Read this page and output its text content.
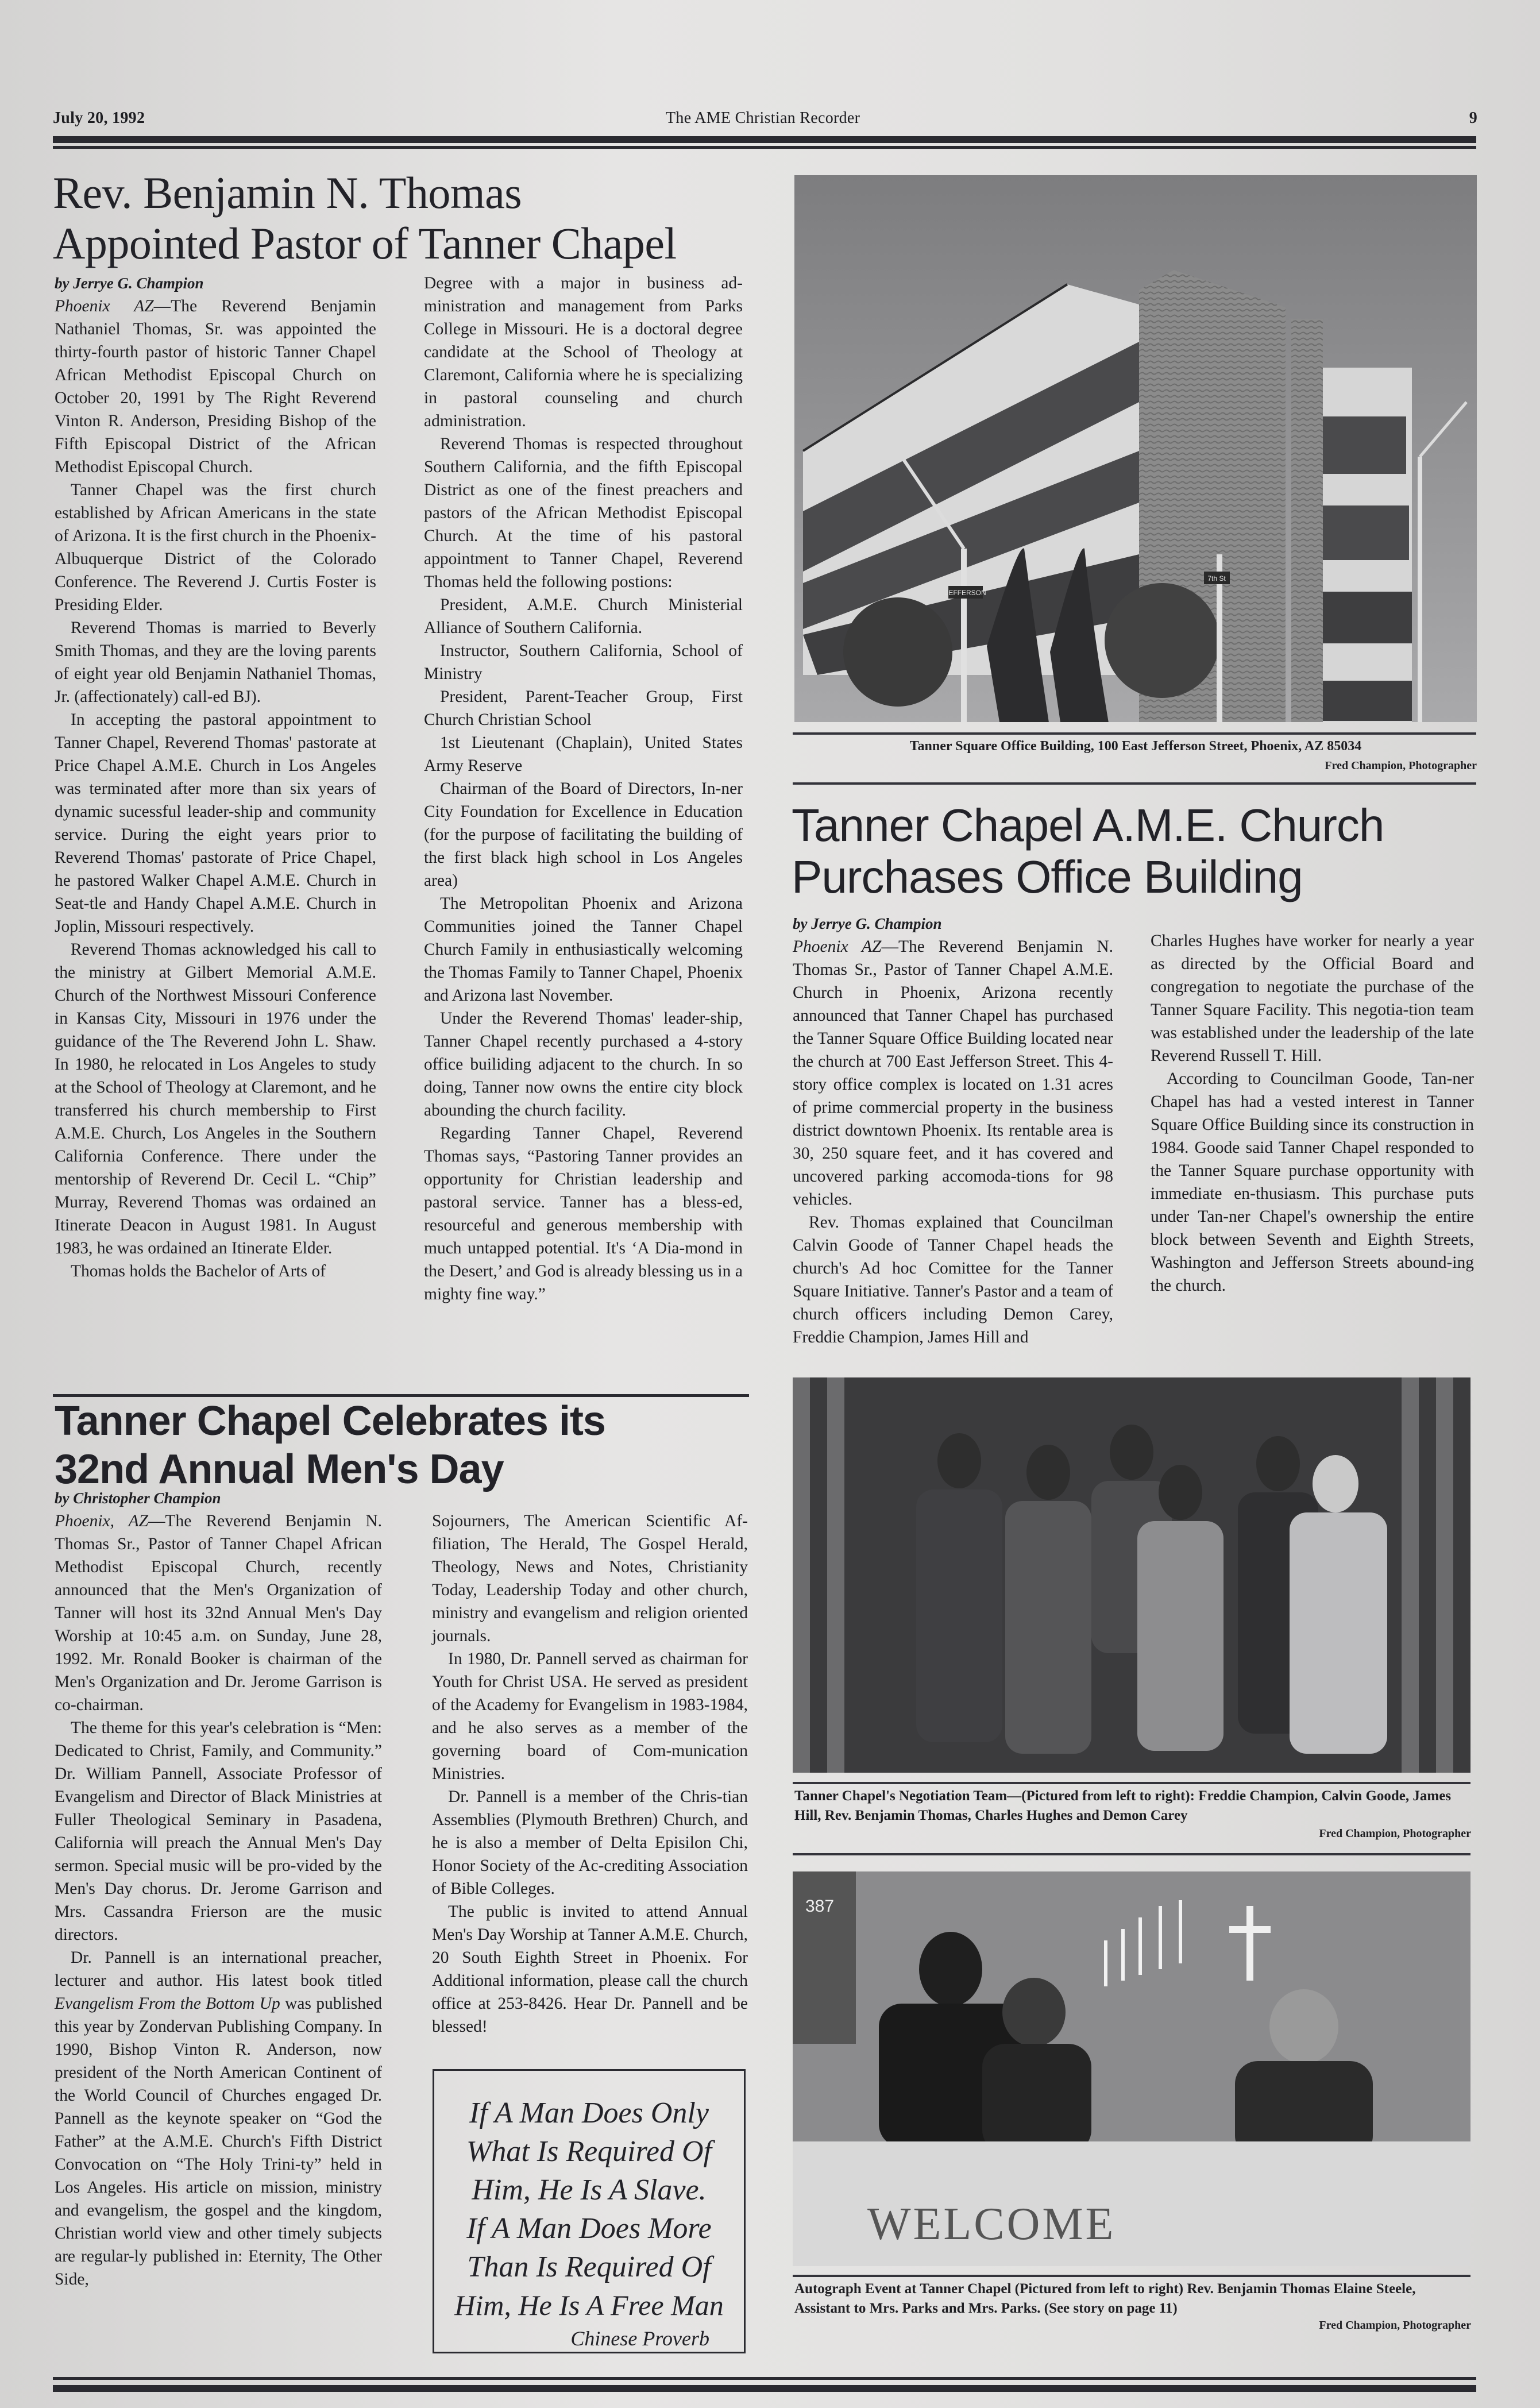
July 20, 1992	The AME Christian Recorder	9
Rev. Benjamin N. Thomas
Appointed Pastor of Tanner Chapel
by Jerrye G. Champion

Phoenix AZ—The Reverend Benjamin Nathaniel Thomas, Sr. was appointed the thirty-fourth pastor of historic Tanner Chapel African Methodist Episcopal Church on October 20, 1991 by The Right Reverend Vinton R. Anderson, Presiding Bishop of the Fifth Episcopal District of the African Methodist Episcopal Church.

Tanner Chapel was the first church established by African Americans in the state of Arizona. It is the first church in the Phoenix-Albuquerque District of the Colorado Conference. The Reverend J. Curtis Foster is Presiding Elder.

Reverend Thomas is married to Beverly Smith Thomas, and they are the loving parents of eight year old Benjamin Nathaniel Thomas, Jr. (affectionately) call-ed BJ).

In accepting the pastoral appointment to Tanner Chapel, Reverend Thomas' pastorate at Price Chapel A.M.E. Church in Los Angeles was terminated after more than six years of dynamic sucessful leader-ship and community service. During the eight years prior to Reverend Thomas' pastorate of Price Chapel, he pastored Walker Chapel A.M.E. Church in Seat-tle and Handy Chapel A.M.E. Church in Joplin, Missouri respectively.

Reverend Thomas acknowledged his call to the ministry at Gilbert Memorial A.M.E. Church of the Northwest Missouri Conference in Kansas City, Missouri in 1976 under the guidance of the The Reverend John L. Shaw. In 1980, he relocated in Los Angeles to study at the School of Theology at Claremont, and he transferred his church membership to First A.M.E. Church, Los Angeles in the Southern California Conference. There under the mentorship of Reverend Dr. Cecil L. “Chip” Murray, Reverend Thomas was ordained an Itinerate Deacon in August 1981. In August 1983, he was ordained an Itinerate Elder.

Thomas holds the Bachelor of Arts of

Degree with a major in business ad-ministration and management from Parks College in Missouri. He is a doctoral degree candidate at the School of Theology at Claremont, California where he is specializing in pastoral counseling and church administration.

Reverend Thomas is respected throughout Southern California, and the fifth Episcopal District as one of the finest preachers and pastors of the African Methodist Episcopal Church. At the time of his pastoral appointment to Tanner Chapel, Reverend Thomas held the following postions:

President, A.M.E. Church Ministerial Alliance of Southern California.

Instructor, Southern California, School of Ministry

President, Parent-Teacher Group, First Church Christian School

1st Lieutenant (Chaplain), United States Army Reserve

Chairman of the Board of Directors, In-ner City Foundation for Excellence in Education (for the purpose of facilitating the building of the first black high school in Los Angeles area)

The Metropolitan Phoenix and Arizona Communities joined the Tanner Chapel Church Family in enthusiastically welcoming the Thomas Family to Tanner Chapel, Phoenix and Arizona last November.

Under the Reverend Thomas' leader-ship, Tanner Chapel recently purchased a 4-story office builiding adjacent to the church. In so doing, Tanner now owns the entire city block abounding the church facility.

Regarding Tanner Chapel, Reverend Thomas says, “Pastoring Tanner provides an opportunity for Christian leadership and pastoral service. Tanner has a bless-ed, resourceful and generous membership with much untapped potential. It's ‘A Dia-mond in the Desert,’ and God is already blessing us in a mighty fine way.”

JEFFERSON
7th St
Tanner Square Office Building, 100 East Jefferson Street, Phoenix, AZ 85034
Fred Champion, Photographer
Tanner Chapel A.M.E. Church
Purchases Office Building
by Jerrye G. Champion

Phoenix AZ—The Reverend Benjamin N. Thomas Sr., Pastor of Tanner Chapel A.M.E. Church in Phoenix, Arizona recently announced that Tanner Chapel has purchased the Tanner Square Office Building located near the church at 700 East Jefferson Street. This 4-story office complex is located on 1.31 acres of prime commercial property in the business district downtown Phoenix. Its rentable area is 30, 250 square feet, and it has covered and uncovered parking accomoda-tions for 98 vehicles.

Rev. Thomas explained that Councilman Calvin Goode of Tanner Chapel heads the church's Ad hoc Comittee for the Tanner Square Initiative. Tanner's Pastor and a team of church officers including Demon Carey, Freddie Champion, James Hill and

Charles Hughes have worker for nearly a year as directed by the Official Board and congregation to negotiate the purchase of the Tanner Square Facility. This negotia-tion team was established under the leadership of the late Reverend Russell T. Hill.

According to Councilman Goode, Tan-ner Chapel has had a vested interest in Tanner Square Office Building since its construction in 1984. Goode said Tanner Chapel responded to the Tanner Square purchase opportunity with immediate en-thusiasm. This purchase puts under Tan-ner Chapel's ownership the entire block between Seventh and Eighth Streets, Washington and Jefferson Streets abound-ing the church.

Tanner Chapel's Negotiation Team—(Pictured from left to right): Freddie Champion, Calvin Goode, James Hill, Rev. Benjamin Thomas, Charles Hughes and Demon Carey
Fred Champion, Photographer
387
WELCOME
Autograph Event at Tanner Chapel (Pictured from left to right) Rev. Benjamin Thomas Elaine Steele, Assistant to Mrs. Parks and Mrs. Parks. (See story on page 11)
Fred Champion, Photographer
Tanner Chapel Celebrates its
32nd Annual Men's Day
by Christopher Champion

Phoenix, AZ—The Reverend Benjamin N. Thomas Sr., Pastor of Tanner Chapel African Methodist Episcopal Church, recently announced that the Men's Organization of Tanner will host its 32nd Annual Men's Day Worship at 10:45 a.m. on Sunday, June 28, 1992. Mr. Ronald Booker is chairman of the Men's Organization and Dr. Jerome Garrison is co-chairman.

The theme for this year's celebration is “Men: Dedicated to Christ, Family, and Community.” Dr. William Pannell, Associate Professor of Evangelism and Director of Black Ministries at Fuller Theological Seminary in Pasadena, California will preach the Annual Men's Day sermon. Special music will be pro-vided by the Men's Day chorus. Dr. Jerome Garrison and Mrs. Cassandra Frierson are the music directors.

Dr. Pannell is an international preacher, lecturer and author. His latest book titled Evangelism From the Bottom Up was published this year by Zondervan Publishing Company. In 1990, Bishop Vinton R. Anderson, now president of the North American Continent of the World Council of Churches engaged Dr. Pannell as the keynote speaker on “God the Father” at the A.M.E. Church's Fifth District Convocation on “The Holy Trini-ty” held in Los Angeles. His article on mission, ministry and evangelism, the gospel and the kingdom, Christian world view and other timely subjects are regular-ly published in: Eternity, The Other Side,

Sojourners, The American Scientific Af-filiation, The Herald, The Gospel Herald, Theology, News and Notes, Christianity Today, Leadership Today and other church, ministry and evangelism and religion oriented journals.

In 1980, Dr. Pannell served as chairman for Youth for Christ USA. He served as president of the Academy for Evangelism in 1983-1984, and he also serves as a member of the governing board of Com-munication Ministries.

Dr. Pannell is a member of the Chris-tian Assemblies (Plymouth Brethren) Church, and he is also a member of Delta Episilon Chi, Honor Society of the Ac-crediting Association of Bible Colleges.

The public is invited to attend Annual Men's Day Worship at Tanner A.M.E. Church, 20 South Eighth Street in Phoenix. For Additional information, please call the church office at 253-8426. Hear Dr. Pannell and be blessed!

If A Man Does Only
What Is Required Of
Him, He Is A Slave.
If A Man Does More
Than Is Required Of
Him, He Is A Free Man
Chinese Proverb
